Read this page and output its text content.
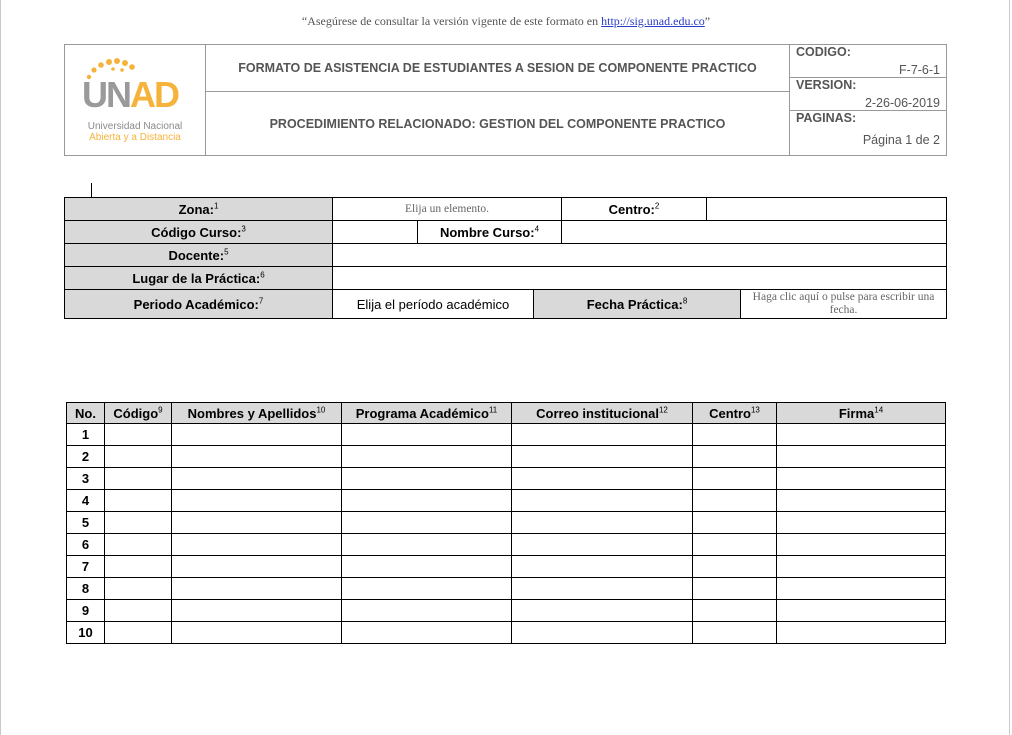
“Asegúrese de consultar la versión vigente de este formato en http://sig.unad.edu.co”
UNAD
Universidad Nacional
Abierta y a Distancia
	FORMATO DE ASISTENCIA DE ESTUDIANTES A SESION DE COMPONENTE PRACTICO	
CODIGO:
F-7-6-1

VERSION:
2-26-06-2019

PROCEDIMIENTO RELACIONADO: GESTION DEL COMPONENTE PRACTICO

PAGINAS:
Página 1 de 2
Zona:$^1$	Elija un elemento.	Centro:$^2$	
Código Curso:$^3$		Nombre Curso:$^4$	
Docente:$^5$	
Lugar de la Práctica:$^6$	
Periodo Académico:$^7$	Elija el período académico	Fecha Práctica:$^8$	Haga clic aquí o pulse para escribir una fecha.
No.	Código$^9$	Nombres y Apellidos$^{10}$	Programa Académico$^{11}$	Correo institucional$^{12}$	Centro$^{13}$	Firma$^{14}$
1						
2						
3						
4						
5						
6						
7						
8						
9						
10						
